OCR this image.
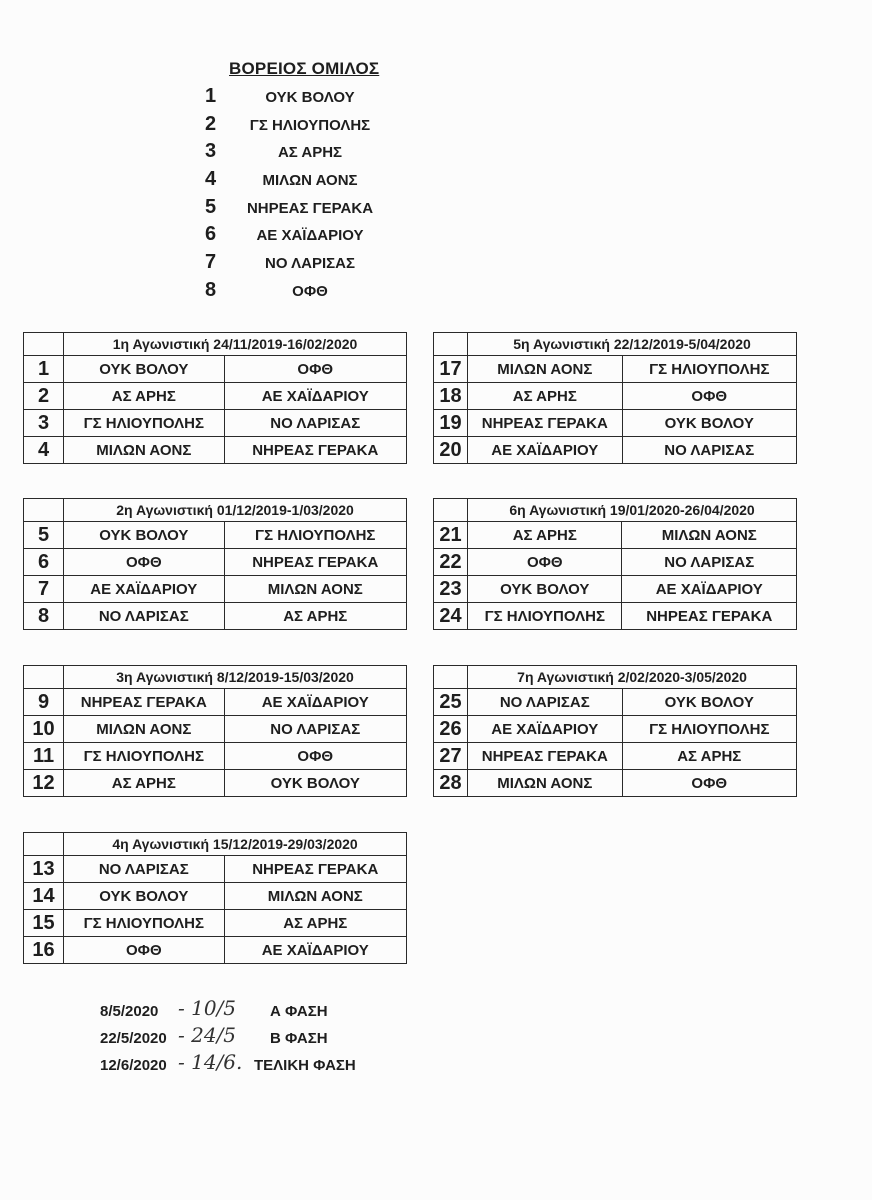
ΒΟΡΕΙΟΣ ΟΜΙΛΟΣ
1	ΟΥΚ ΒΟΛΟΥ
2	ΓΣ ΗΛΙΟΥΠΟΛΗΣ
3	ΑΣ ΑΡΗΣ
4	ΜΙΛΩΝ ΑΟΝΣ
5	ΝΗΡΕΑΣ ΓΕΡΑΚΑ
6	ΑΕ ΧΑΪΔΑΡΙΟΥ
7	ΝΟ ΛΑΡΙΣΑΣ
8	ΟΦΘ
	1η Αγωνιστική 24/11/2019-16/02/2020	
1	ΟΥΚ ΒΟΛΟΥ	ΟΦΘ
2	ΑΣ ΑΡΗΣ	ΑΕ ΧΑΪΔΑΡΙΟΥ
3	ΓΣ ΗΛΙΟΥΠΟΛΗΣ	ΝΟ ΛΑΡΙΣΑΣ
4	ΜΙΛΩΝ ΑΟΝΣ	ΝΗΡΕΑΣ ΓΕΡΑΚΑ
	2η Αγωνιστική 01/12/2019-1/03/2020	
5	ΟΥΚ ΒΟΛΟΥ	ΓΣ ΗΛΙΟΥΠΟΛΗΣ
6	ΟΦΘ	ΝΗΡΕΑΣ ΓΕΡΑΚΑ
7	ΑΕ ΧΑΪΔΑΡΙΟΥ	ΜΙΛΩΝ ΑΟΝΣ
8	ΝΟ ΛΑΡΙΣΑΣ	ΑΣ ΑΡΗΣ
	3η Αγωνιστική 8/12/2019-15/03/2020	
9	ΝΗΡΕΑΣ ΓΕΡΑΚΑ	ΑΕ ΧΑΪΔΑΡΙΟΥ
10	ΜΙΛΩΝ ΑΟΝΣ	ΝΟ ΛΑΡΙΣΑΣ
11	ΓΣ ΗΛΙΟΥΠΟΛΗΣ	ΟΦΘ
12	ΑΣ ΑΡΗΣ	ΟΥΚ ΒΟΛΟΥ
	4η Αγωνιστική 15/12/2019-29/03/2020	
13	ΝΟ ΛΑΡΙΣΑΣ	ΝΗΡΕΑΣ ΓΕΡΑΚΑ
14	ΟΥΚ ΒΟΛΟΥ	ΜΙΛΩΝ ΑΟΝΣ
15	ΓΣ ΗΛΙΟΥΠΟΛΗΣ	ΑΣ ΑΡΗΣ
16	ΟΦΘ	ΑΕ ΧΑΪΔΑΡΙΟΥ
	5η Αγωνιστική 22/12/2019-5/04/2020	
17	ΜΙΛΩΝ ΑΟΝΣ	ΓΣ ΗΛΙΟΥΠΟΛΗΣ
18	ΑΣ ΑΡΗΣ	ΟΦΘ
19	ΝΗΡΕΑΣ ΓΕΡΑΚΑ	ΟΥΚ ΒΟΛΟΥ
20	ΑΕ ΧΑΪΔΑΡΙΟΥ	ΝΟ ΛΑΡΙΣΑΣ
	6η Αγωνιστική 19/01/2020-26/04/2020	
21	ΑΣ ΑΡΗΣ	ΜΙΛΩΝ ΑΟΝΣ
22	ΟΦΘ	ΝΟ ΛΑΡΙΣΑΣ
23	ΟΥΚ ΒΟΛΟΥ	ΑΕ ΧΑΪΔΑΡΙΟΥ
24	ΓΣ ΗΛΙΟΥΠΟΛΗΣ	ΝΗΡΕΑΣ ΓΕΡΑΚΑ
	7η Αγωνιστική 2/02/2020-3/05/2020	
25	ΝΟ ΛΑΡΙΣΑΣ	ΟΥΚ ΒΟΛΟΥ
26	ΑΕ ΧΑΪΔΑΡΙΟΥ	ΓΣ ΗΛΙΟΥΠΟΛΗΣ
27	ΝΗΡΕΑΣ ΓΕΡΑΚΑ	ΑΣ ΑΡΗΣ
28	ΜΙΛΩΝ ΑΟΝΣ	ΟΦΘ
8/5/2020 - 10/5 Α ΦΑΣΗ
22/5/2020 - 24/5 Β ΦΑΣΗ
12/6/2020 - 14/6. ΤΕΛΙΚΗ ΦΑΣΗ
